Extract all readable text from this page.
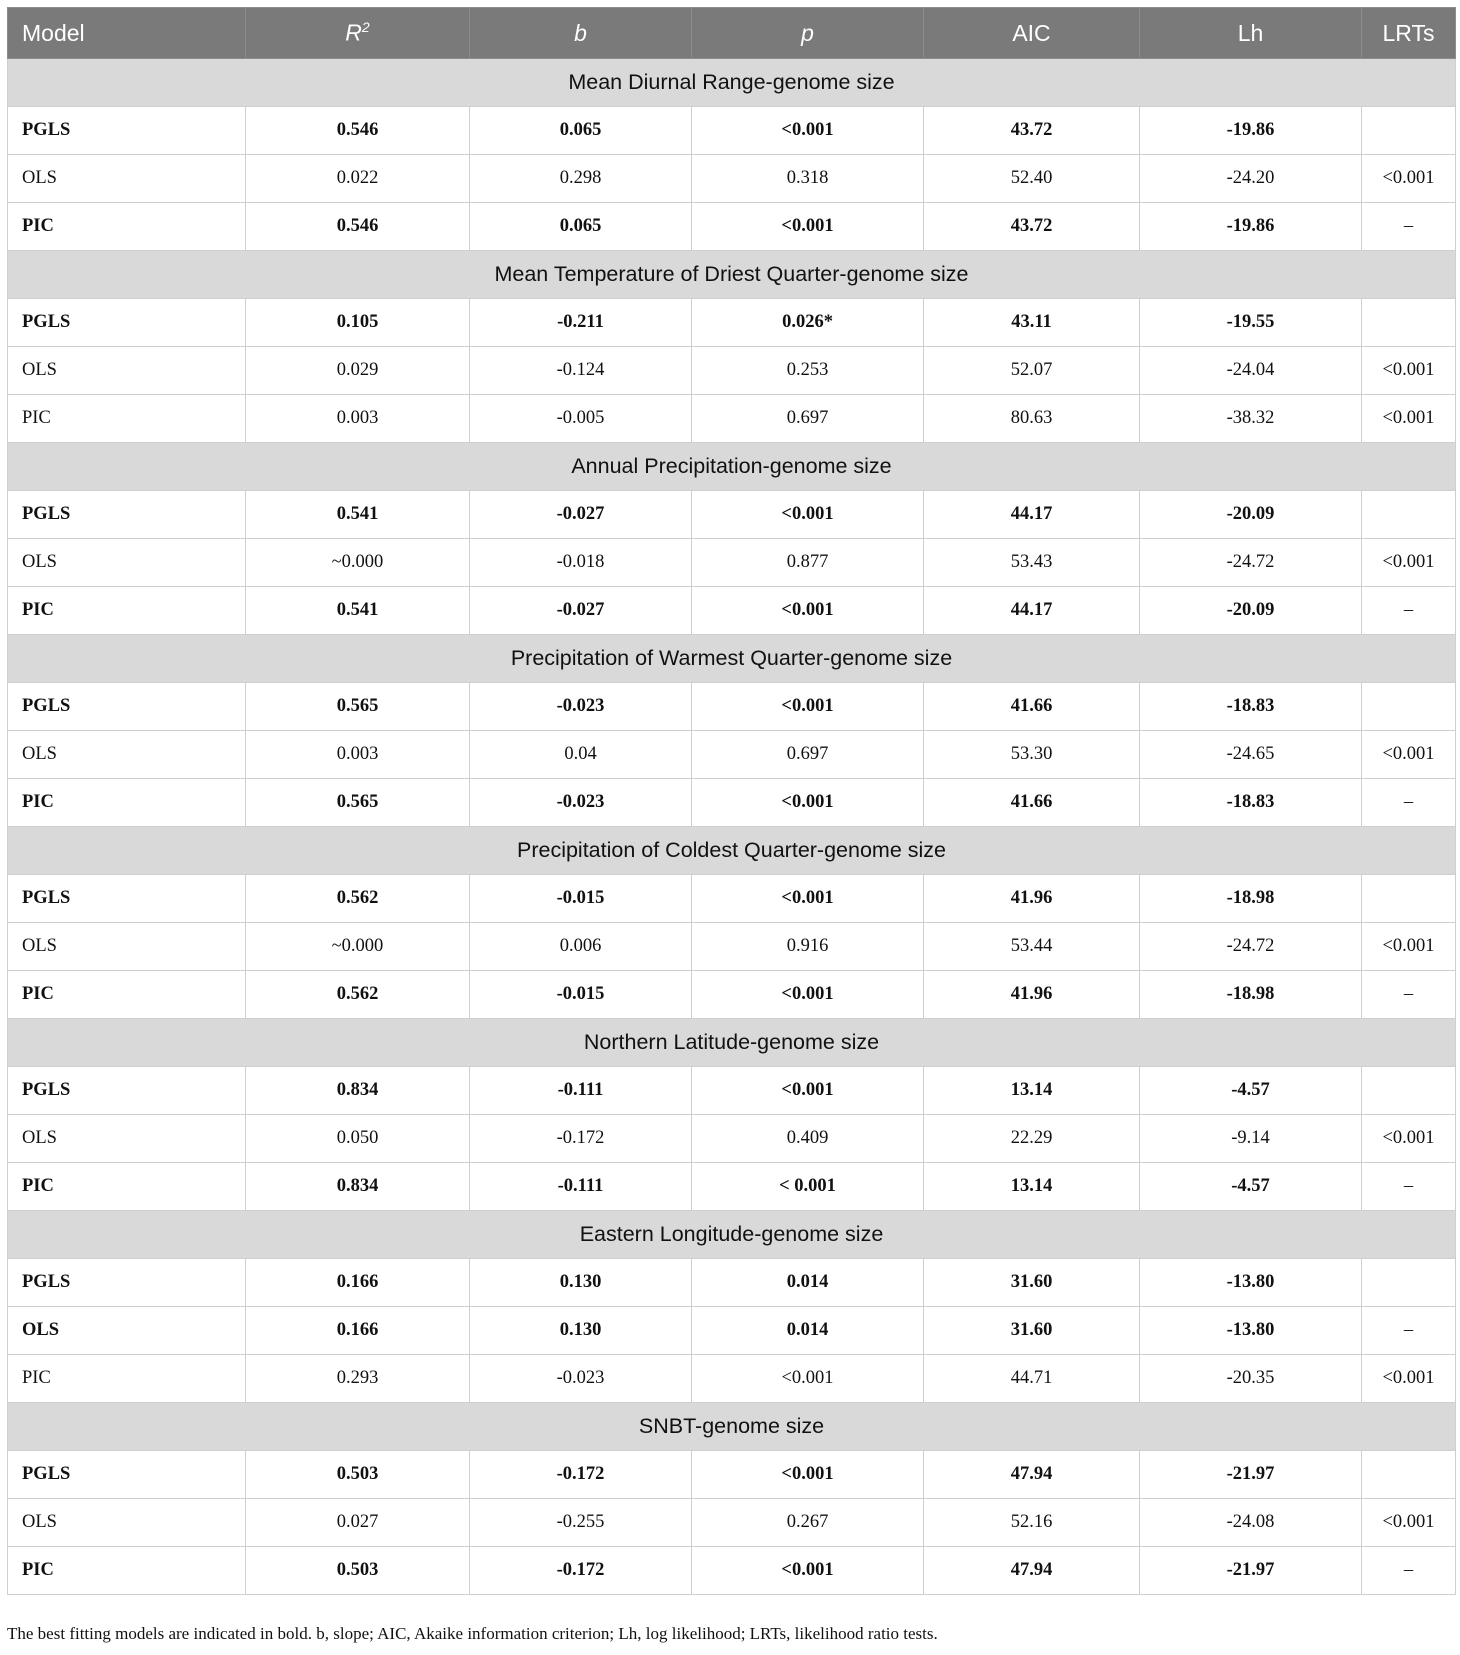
Model	$R^2$	b	p	AIC	Lh	LRTs
Mean Diurnal Range-genome size						
PGLS	0.546	0.065	<0.001	43.72	-19.86	
OLS	0.022	0.298	0.318	52.40	-24.20	<0.001
PIC	0.546	0.065	<0.001	43.72	-19.86	–
Mean Temperature of Driest Quarter-genome size						
PGLS	0.105	-0.211	0.026*	43.11	-19.55	
OLS	0.029	-0.124	0.253	52.07	-24.04	<0.001
PIC	0.003	-0.005	0.697	80.63	-38.32	<0.001
Annual Precipitation-genome size						
PGLS	0.541	-0.027	<0.001	44.17	-20.09	
OLS	~0.000	-0.018	0.877	53.43	-24.72	<0.001
PIC	0.541	-0.027	<0.001	44.17	-20.09	–
Precipitation of Warmest Quarter-genome size						
PGLS	0.565	-0.023	<0.001	41.66	-18.83	
OLS	0.003	0.04	0.697	53.30	-24.65	<0.001
PIC	0.565	-0.023	<0.001	41.66	-18.83	–
Precipitation of Coldest Quarter-genome size						
PGLS	0.562	-0.015	<0.001	41.96	-18.98	
OLS	~0.000	0.006	0.916	53.44	-24.72	<0.001
PIC	0.562	-0.015	<0.001	41.96	-18.98	–
Northern Latitude-genome size						
PGLS	0.834	-0.111	<0.001	13.14	-4.57	
OLS	0.050	-0.172	0.409	22.29	-9.14	<0.001
PIC	0.834	-0.111	< 0.001	13.14	-4.57	–
Eastern Longitude-genome size						
PGLS	0.166	0.130	0.014	31.60	-13.80	
OLS	0.166	0.130	0.014	31.60	-13.80	–
PIC	0.293	-0.023	<0.001	44.71	-20.35	<0.001
SNBT-genome size						
PGLS	0.503	-0.172	<0.001	47.94	-21.97	
OLS	0.027	-0.255	0.267	52.16	-24.08	<0.001
PIC	0.503	-0.172	<0.001	47.94	-21.97	–
The best fitting models are indicated in bold. b, slope; AIC, Akaike information criterion; Lh, log likelihood; LRTs, likelihood ratio tests.
